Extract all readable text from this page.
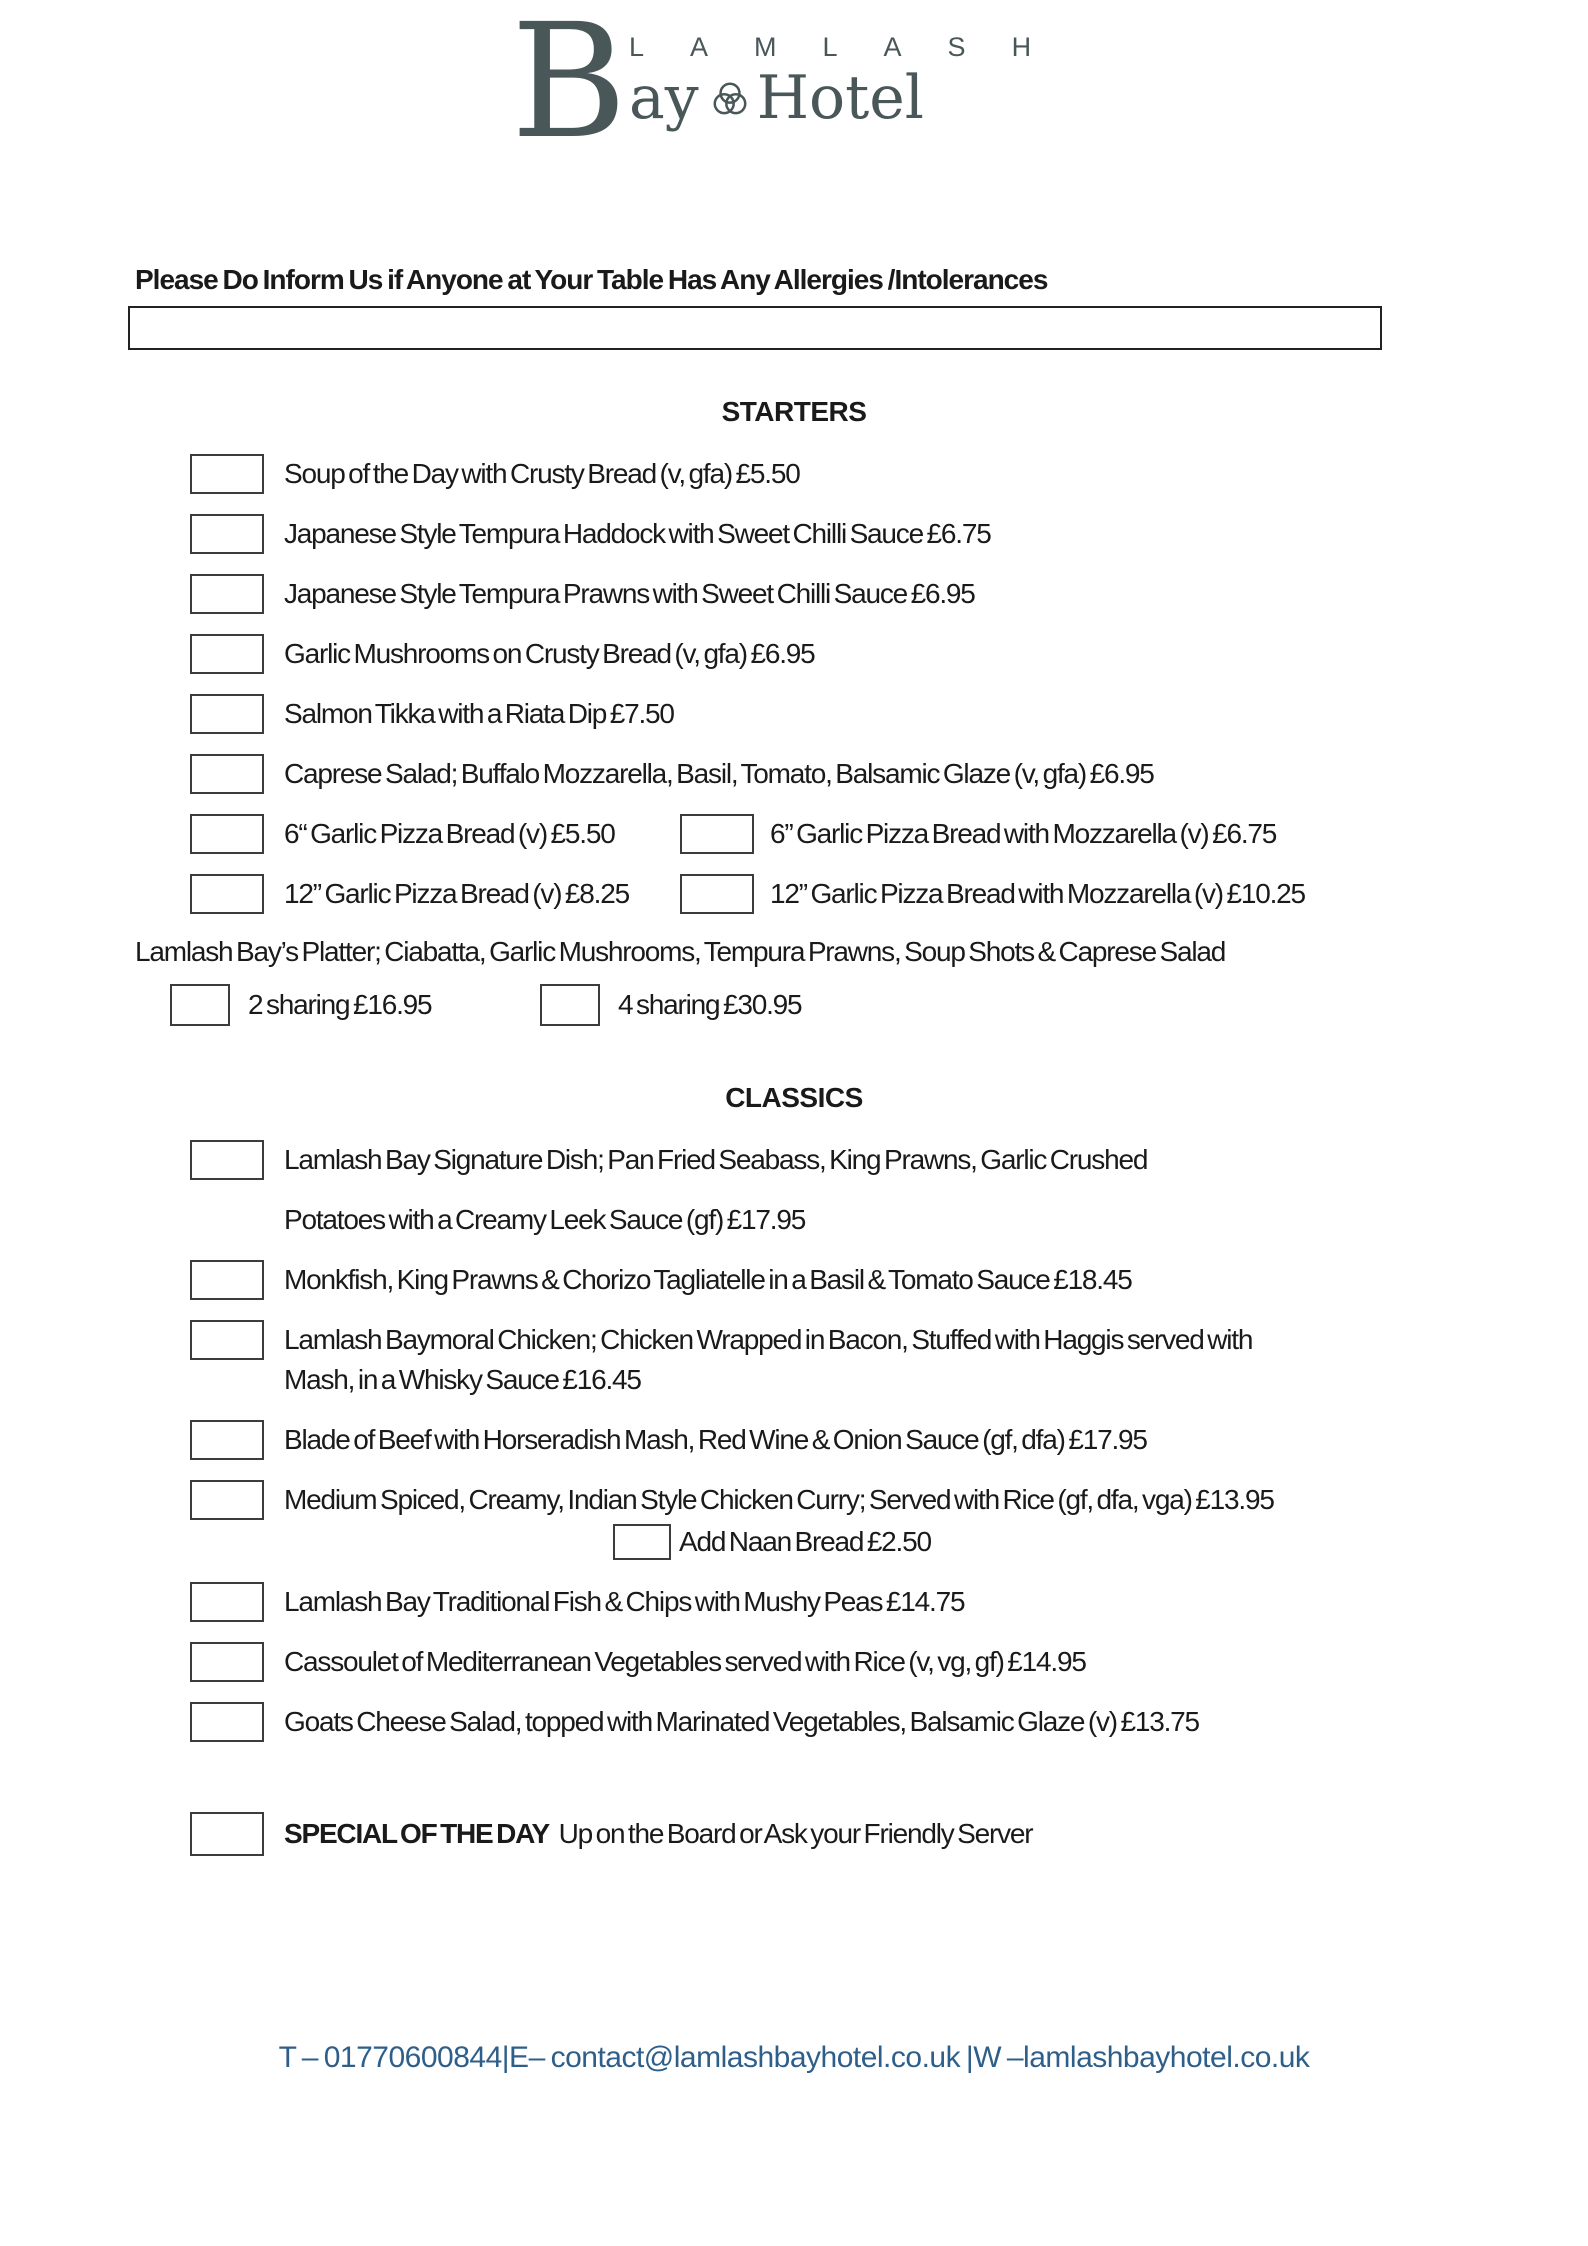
B LAMLASH
ay Hotel
Please Do Inform Us if Anyone at Your Table Has Any Allergies /Intolerances
STARTERS
Soup of the Day with Crusty Bread (v, gfa) £5.50
Japanese Style Tempura Haddock with Sweet Chilli Sauce £6.75
Japanese Style Tempura Prawns with Sweet Chilli Sauce £6.95
Garlic Mushrooms on Crusty Bread (v, gfa) £6.95
Salmon Tikka with a Riata Dip £7.50
Caprese Salad; Buffalo Mozzarella, Basil, Tomato, Balsamic Glaze (v, gfa) £6.95
6“ Garlic Pizza Bread (v) £5.50	6” Garlic Pizza Bread with Mozzarella (v) £6.75
12” Garlic Pizza Bread (v) £8.25	12” Garlic Pizza Bread with Mozzarella (v) £10.25
Lamlash Bay’s Platter; Ciabatta, Garlic Mushrooms, Tempura Prawns, Soup Shots & Caprese Salad
2 sharing £16.95	4 sharing £30.95
CLASSICS
Lamlash Bay Signature Dish; Pan Fried Seabass, King Prawns, Garlic Crushed
Potatoes with a Creamy Leek Sauce (gf) £17.95
Monkfish, King Prawns & Chorizo Tagliatelle in a Basil & Tomato Sauce £18.45
Lamlash Baymoral Chicken; Chicken Wrapped in Bacon, Stuffed with Haggis served with
Mash, in a Whisky Sauce £16.45
Blade of Beef with Horseradish Mash, Red Wine & Onion Sauce (gf, dfa) £17.95
Medium Spiced, Creamy, Indian Style Chicken Curry; Served with Rice (gf, dfa, vga) £13.95
Add Naan Bread £2.50
Lamlash Bay Traditional Fish & Chips with Mushy Peas £14.75
Cassoulet of Mediterranean Vegetables served with Rice (v, vg, gf) £14.95
Goats Cheese Salad, topped with Marinated Vegetables, Balsamic Glaze (v) £13.75
SPECIAL OF THE DAY Up on the Board or Ask your Friendly Server
T – 01770600844|E– contact@lamlashbayhotel.co.uk |W –lamlashbayhotel.co.uk
